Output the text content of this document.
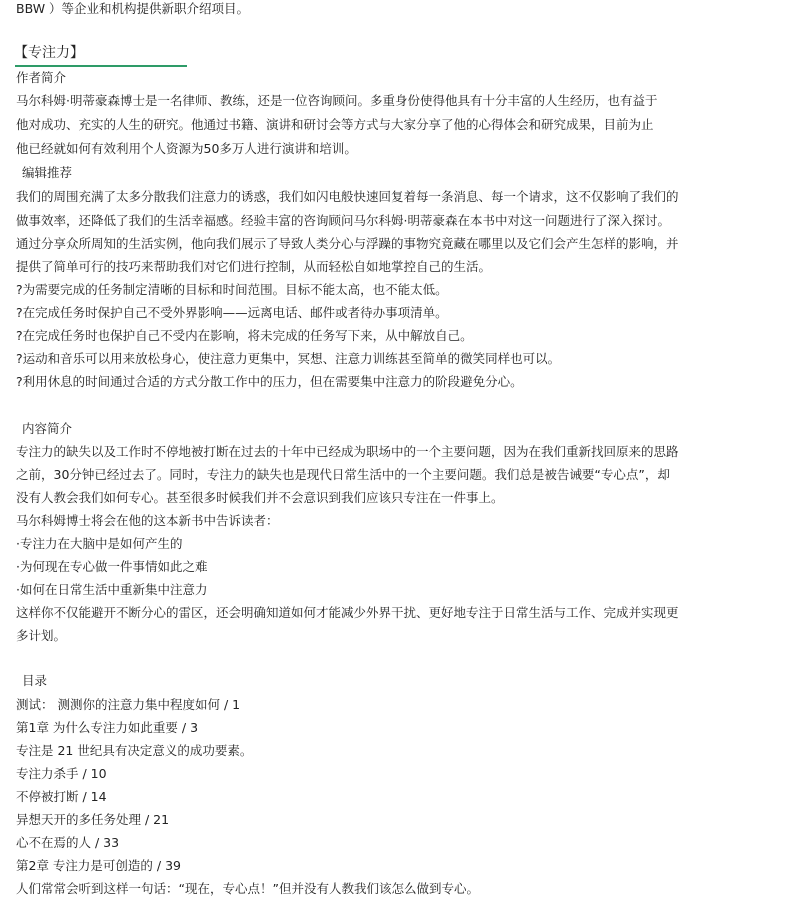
BBW ）等企业和机构提供新职介绍项目。
【专注力】
作者简介
马尔科姆·明蒂豪森博士是一名律师、教练，还是一位咨询顾问。多重身份使得他具有十分丰富的人生经历，也有益于
他对成功、充实的人生的研究。他通过书籍、演讲和研讨会等方式与大家分享了他的心得体会和研究成果，目前为止
他已经就如何有效利用个人资源为50多万人进行演讲和培训。
编辑推荐
我们的周围充满了太多分散我们注意力的诱惑，我们如闪电般快速回复着每一条消息、每一个请求，这不仅影响了我们的
做事效率，还降低了我们的生活幸福感。经验丰富的咨询顾问马尔科姆·明蒂豪森在本书中对这一问题进行了深入探讨。
通过分享众所周知的生活实例，他向我们展示了导致人类分心与浮躁的事物究竟藏在哪里以及它们会产生怎样的影响，并
提供了简单可行的技巧来帮助我们对它们进行控制，从而轻松自如地掌控自己的生活。
?为需要完成的任务制定清晰的目标和时间范围。目标不能太高，也不能太低。
?在完成任务时保护自己不受外界影响——远离电话、邮件或者待办事项清单。
?在完成任务时也保护自己不受内在影响，将未完成的任务写下来，从中解放自己。
?运动和音乐可以用来放松身心，使注意力更集中，冥想、注意力训练甚至简单的微笑同样也可以。
?利用休息的时间通过合适的方式分散工作中的压力，但在需要集中注意力的阶段避免分心。
内容简介
专注力的缺失以及工作时不停地被打断在过去的十年中已经成为职场中的一个主要问题，因为在我们重新找回原来的思路
之前，30分钟已经过去了。同时，专注力的缺失也是现代日常生活中的一个主要问题。我们总是被告诫要“专心点”，却
没有人教会我们如何专心。甚至很多时候我们并不会意识到我们应该只专注在一件事上。
马尔科姆博士将会在他的这本新书中告诉读者：
·专注力在大脑中是如何产生的
·为何现在专心做一件事情如此之难
·如何在日常生活中重新集中注意力
这样你不仅能避开不断分心的雷区，还会明确知道如何才能减少外界干扰、更好地专注于日常生活与工作、完成并实现更
多计划。
目录
测试： 测测你的注意力集中程度如何 / 1
第1章 为什么专注力如此重要 / 3
专注是 21 世纪具有决定意义的成功要素。
专注力杀手 / 10
不停被打断 / 14
异想天开的多任务处理 / 21
心不在焉的人 / 33
第2章 专注力是可创造的 / 39
人们常常会听到这样一句话：“现在，专心点！”但并没有人教我们该怎么做到专心。
